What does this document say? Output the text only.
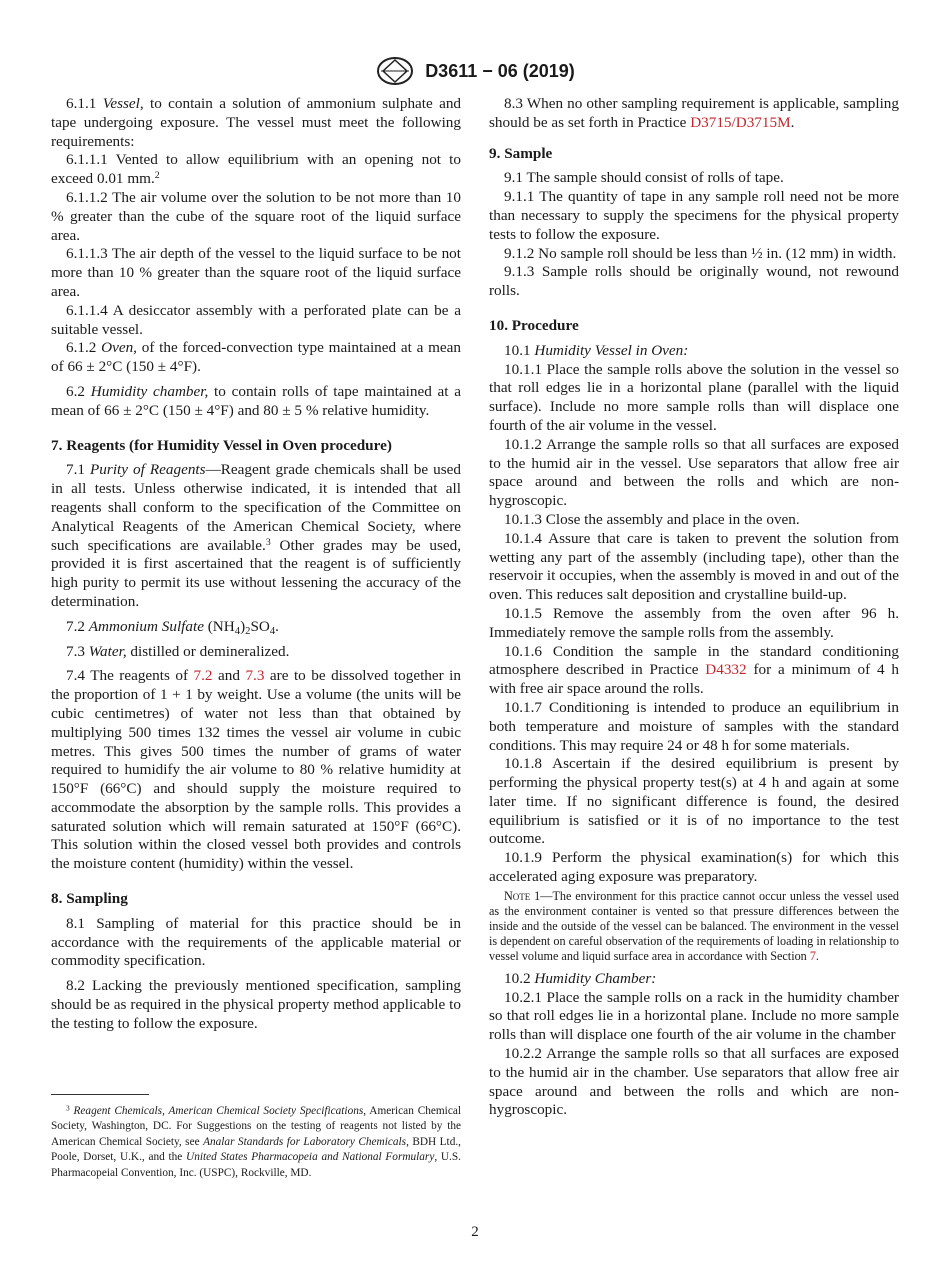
D3611 − 06 (2019)

6.1.1 Vessel, to contain a solution of ammonium sulphate and tape undergoing exposure. The vessel must meet the following requirements:

6.1.1.1 Vented to allow equilibrium with an opening not to exceed 0.01 mm.$^2$

6.1.1.2 The air volume over the solution to be not more than 10 % greater than the cube of the square root of the liquid surface area.

6.1.1.3 The air depth of the vessel to the liquid surface to be not more than 10 % greater than the square root of the liquid surface area.

6.1.1.4 A desiccator assembly with a perforated plate can be a suitable vessel.

6.1.2 Oven, of the forced-convection type maintained at a mean of 66 ± 2°C (150 ± 4°F).

6.2 Humidity chamber, to contain rolls of tape maintained at a mean of 66 ± 2°C (150 ± 4°F) and 80 ± 5 % relative humidity.

7. Reagents (for Humidity Vessel in Oven procedure)

7.1 Purity of Reagents—Reagent grade chemicals shall be used in all tests. Unless otherwise indicated, it is intended that all reagents shall conform to the specification of the Committee on Analytical Reagents of the American Chemical Society, where such specifications are available.$^3$ Other grades may be used, provided it is first ascertained that the reagent is of sufficiently high purity to permit its use without lessening the accuracy of the determination.

7.2 Ammonium Sulfate $(NH_4)_2SO_4$.

7.3 Water, distilled or demineralized.

7.4 The reagents of 7.2 and 7.3 are to be dissolved together in the proportion of 1 + 1 by weight. Use a volume (the units will be cubic centimetres) of water not less than that obtained by multiplying 500 times 132 times the vessel air volume in cubic metres. This gives 500 times the number of grams of water required to humidify the air volume to 80 % relative humidity at 150°F (66°C) and should supply the moisture required to accommodate the absorption by the sample rolls. This provides a saturated solution which will remain saturated at 150°F (66°C). This solution within the closed vessel both provides and controls the moisture content (humidity) within the vessel.

8. Sampling

8.1 Sampling of material for this practice should be in accordance with the requirements of the applicable material or commodity specification.

8.2 Lacking the previously mentioned specification, sampling should be as required in the physical property method applicable to the testing to follow the exposure.

$^3$ Reagent Chemicals, American Chemical Society Specifications, American Chemical Society, Washington, DC. For Suggestions on the testing of reagents not listed by the American Chemical Society, see Analar Standards for Laboratory Chemicals, BDH Ltd., Poole, Dorset, U.K., and the United States Pharmacopeia and National Formulary, U.S. Pharmacopeial Convention, Inc. (USPC), Rockville, MD.

8.3 When no other sampling requirement is applicable, sampling should be as set forth in Practice D3715/D3715M.

9. Sample

9.1 The sample should consist of rolls of tape.

9.1.1 The quantity of tape in any sample roll need not be more than necessary to supply the specimens for the physical property tests to follow the exposure.

9.1.2 No sample roll should be less than ½ in. (12 mm) in width.

9.1.3 Sample rolls should be originally wound, not rewound rolls.

10. Procedure

10.1 Humidity Vessel in Oven:

10.1.1 Place the sample rolls above the solution in the vessel so that roll edges lie in a horizontal plane (parallel with the liquid surface). Include no more sample rolls than will displace one fourth of the air volume in the vessel.

10.1.2 Arrange the sample rolls so that all surfaces are exposed to the humid air in the vessel. Use separators that allow free air space around and between the rolls and which are non-hygroscopic.

10.1.3 Close the assembly and place in the oven.

10.1.4 Assure that care is taken to prevent the solution from wetting any part of the assembly (including tape), other than the reservoir it occupies, when the assembly is moved in and out of the oven. This reduces salt deposition and crystalline build-up.

10.1.5 Remove the assembly from the oven after 96 h. Immediately remove the sample rolls from the assembly.

10.1.6 Condition the sample in the standard conditioning atmosphere described in Practice D4332 for a minimum of 4 h with free air space around the rolls.

10.1.7 Conditioning is intended to produce an equilibrium in both temperature and moisture of samples with the standard conditions. This may require 24 or 48 h for some materials.

10.1.8 Ascertain if the desired equilibrium is present by performing the physical property test(s) at 4 h and again at some later time. If no significant difference is found, the desired equilibrium is satisfied or it is of no importance to the test outcome.

10.1.9 Perform the physical examination(s) for which this accelerated aging exposure was preparatory.

Note 1—The environment for this practice cannot occur unless the vessel used as the environment container is vented so that pressure differences between the inside and the outside of the vessel can be balanced. The environment in the vessel is dependent on careful observation of the requirements of loading in relationship to vessel volume and liquid surface area in accordance with Section 7.

10.2 Humidity Chamber:

10.2.1 Place the sample rolls on a rack in the humidity chamber so that roll edges lie in a horizontal plane. Include no more sample rolls than will displace one fourth of the air volume in the chamber

10.2.2 Arrange the sample rolls so that all surfaces are exposed to the humid air in the chamber. Use separators that allow free air space around and between the rolls and which are non-hygroscopic.

2
